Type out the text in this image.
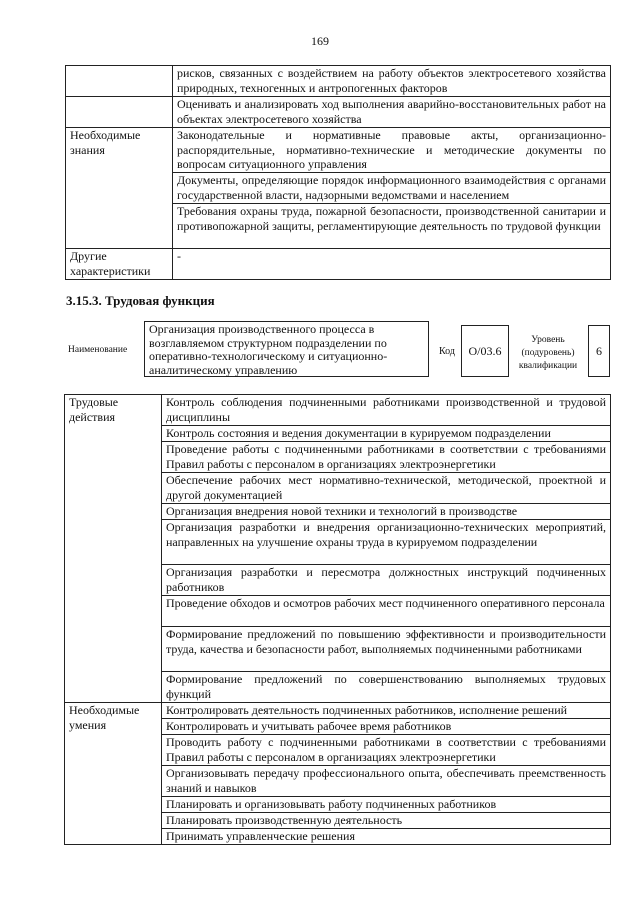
169
	рисков, связанных с воздействием на работу объектов электросетевого хозяйства природных, техногенных и антропогенных факторов
	Оценивать и анализировать ход выполнения аварийно-восстановительных работ на объектах электросетевого хозяйства
Необходимые знания	Законодательные и нормативные правовые акты, организационно-распорядительные, нормативно-технические и методические документы по вопросам ситуационного управления
	Документы, определяющие порядок информационного взаимодействия с органами государственной власти, надзорными ведомствами и населением
	Требования охраны труда, пожарной безопасности, производственной санитарии и противопожарной защиты, регламентирующие деятельность по трудовой функции
Другие характеристики	-
3.15.3. Трудовая функция
Наименование
Организация производственного процесса в возглавляемом структурном подразделении по оперативно-технологическому и ситуационно-аналитическому управлению
Код	О/03.6
Уровень (подуровень) квалификации
6
Трудовые действия	Контроль соблюдения подчиненными работниками производственной и трудовой дисциплины
	Контроль состояния и ведения документации в курируемом подразделении
	Проведение работы с подчиненными работниками в соответствии с требованиями Правил работы с персоналом в организациях электроэнергетики
	Обеспечение рабочих мест нормативно-технической, методической, проектной и другой документацией
	Организация внедрения новой техники и технологий в производстве
	Организация разработки и внедрения организационно-технических мероприятий, направленных на улучшение охраны труда в курируемом подразделении
	Организация разработки и пересмотра должностных инструкций подчиненных работников
	Проведение обходов и осмотров рабочих мест подчиненного оперативного персонала
	Формирование предложений по повышению эффективности и производительности труда, качества и безопасности работ, выполняемых подчиненными работниками
	Формирование предложений по совершенствованию выполняемых трудовых функций
Необходимые умения	Контролировать деятельность подчиненных работников, исполнение решений
	Контролировать и учитывать рабочее время работников
	Проводить работу с подчиненными работниками в соответствии с требованиями Правил работы с персоналом в организациях электроэнергетики
	Организовывать передачу профессионального опыта, обеспечивать преемственность знаний и навыков
	Планировать и организовывать работу подчиненных работников
	Планировать производственную деятельность
	Принимать управленческие решения
